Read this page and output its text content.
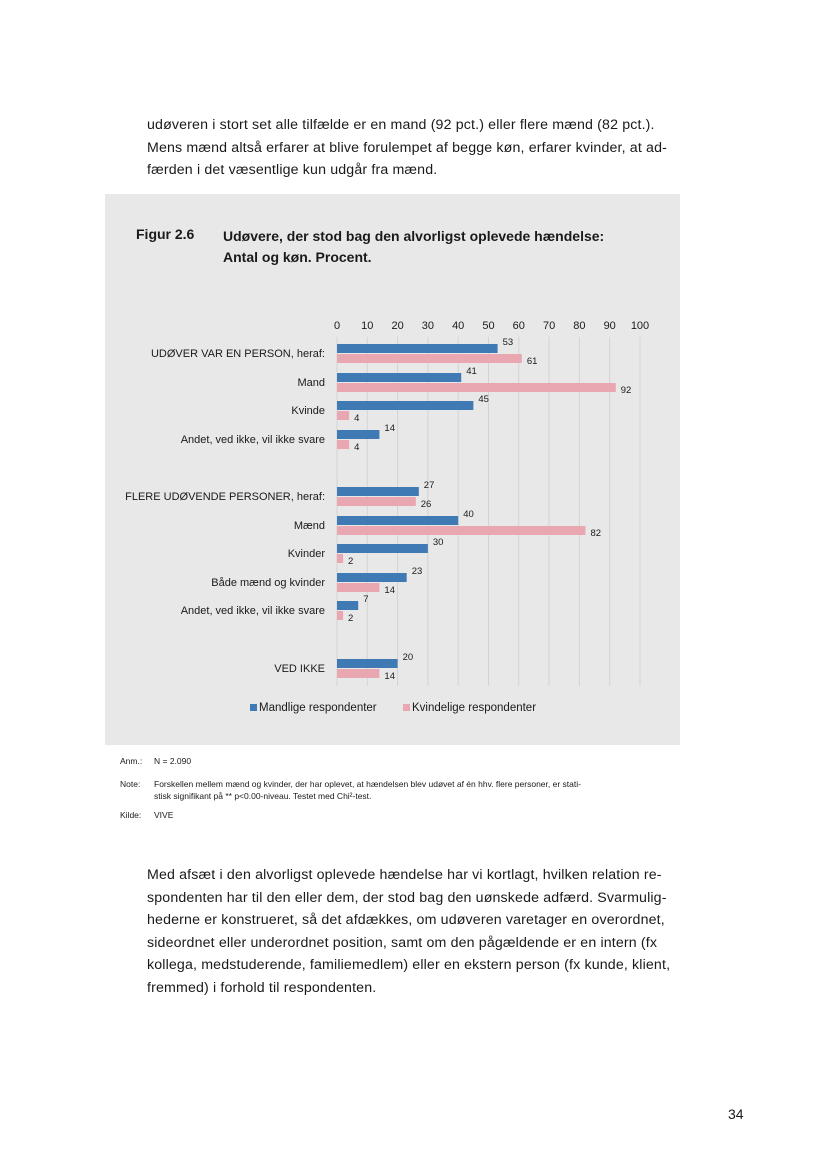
udøveren i stort set alle tilfælde er en mand (92 pct.) eller flere mænd (82 pct.).
Mens mænd altså erfarer at blive forulempet af begge køn, erfarer kvinder, at ad-
færden i det væsentlige kun udgår fra mænd.

Figur 2.6 Udøvere, der stod bag den alvorligst oplevede hændelse:
Antal og køn. Procent.
0 10 20 30 40 50 60 70 80 90 100
UDØVER VAR EN PERSON, heraf:
53
61
Mand
41
92
Kvinde
45
4
Andet, ved ikke, vil ikke svare
14
4
FLERE UDØVENDE PERSONER, heraf:
27
26
Mænd
40
82
Kvinder
30
2
Både mænd og kvinder
23
14
Andet, ved ikke, vil ikke svare
7
2
VED IKKE
20
14
Mandlige respondenter	Kvindelige respondenter
Anm.:	N = 2.090
Note:	Forskellen mellem mænd og kvinder, der har oplevet, at hændelsen blev udøvet af én hhv. flere personer, er stati-
stisk signifikant på ** p<0.00-niveau. Testet med Chi²-test.
Kilde:	VIVE

Med afsæt i den alvorligst oplevede hændelse har vi kortlagt, hvilken relation re-
spondenten har til den eller dem, der stod bag den uønskede adfærd. Svarmulig-
hederne er konstrueret, så det afdækkes, om udøveren varetager en overordnet,
sideordnet eller underordnet position, samt om den pågældende er en intern (fx
kollega, medstuderende, familiemedlem) eller en ekstern person (fx kunde, klient,
fremmed) i forhold til respondenten.

34
